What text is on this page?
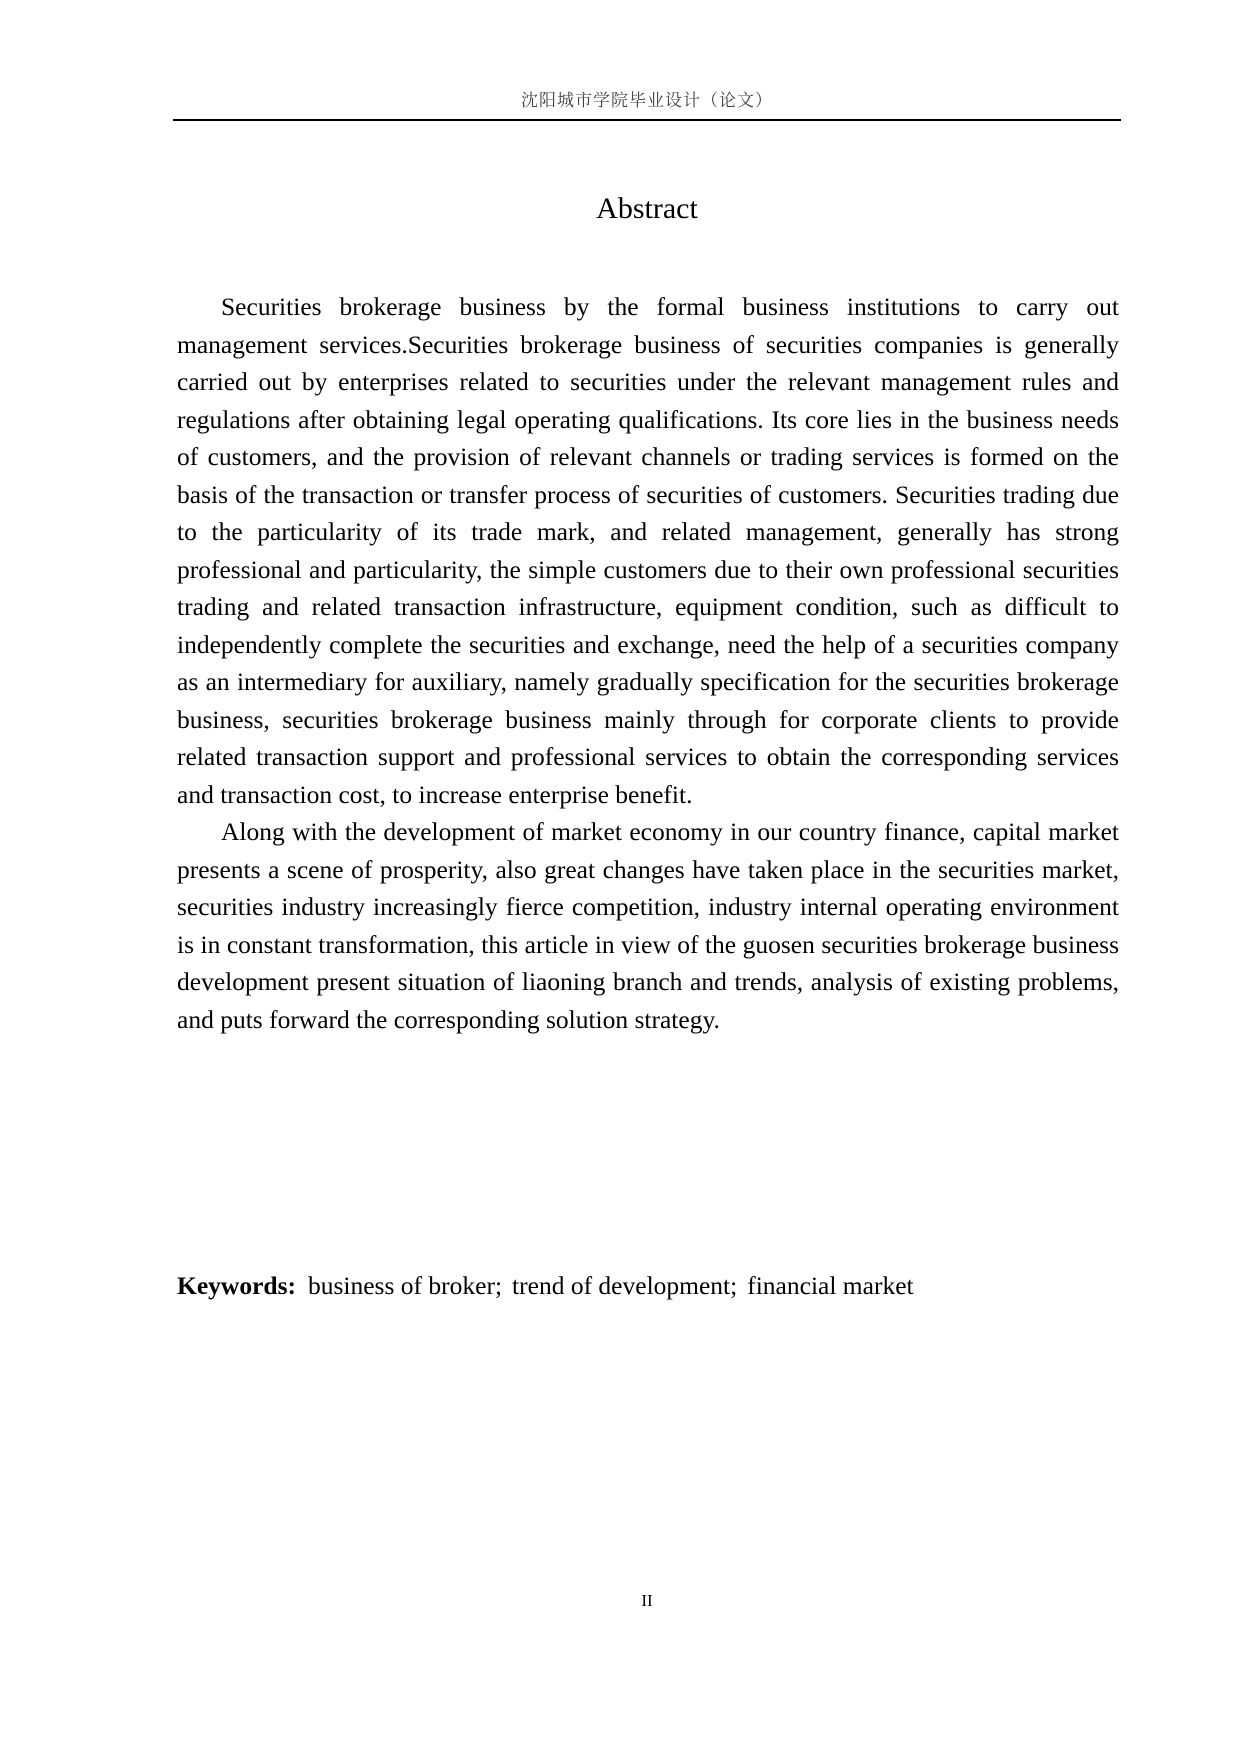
沈阳城市学院毕业设计（论文）
Abstract

Securities brokerage business by the formal business institutions to carry out management services.Securities brokerage business of securities companies is generally carried out by enterprises related to securities under the relevant management rules and regulations after obtaining legal operating qualifications. Its core lies in the business needs of customers, and the provision of relevant channels or trading services is formed on the basis of the transaction or transfer process of securities of customers. Securities trading due to the particularity of its trade mark, and related management, generally has strong professional and particularity, the simple customers due to their own professional securities trading and related transaction infrastructure, equipment condition, such as difficult to independently complete the securities and exchange, need the help of a securities company as an intermediary for auxiliary, namely gradually specification for the securities brokerage business, securities brokerage business mainly through for corporate clients to provide related transaction support and professional services to obtain the corresponding services and transaction cost, to increase enterprise benefit.

Along with the development of market economy in our country finance, capital market presents a scene of prosperity, also great changes have taken place in the securities market, securities industry increasingly fierce competition, industry internal operating environment is in constant transformation, this article in view of the guosen securities brokerage business development present situation of liaoning branch and trends, analysis of existing problems, and puts forward the corresponding solution strategy.

Keywords: business of broker; trend of development; financial market
II
